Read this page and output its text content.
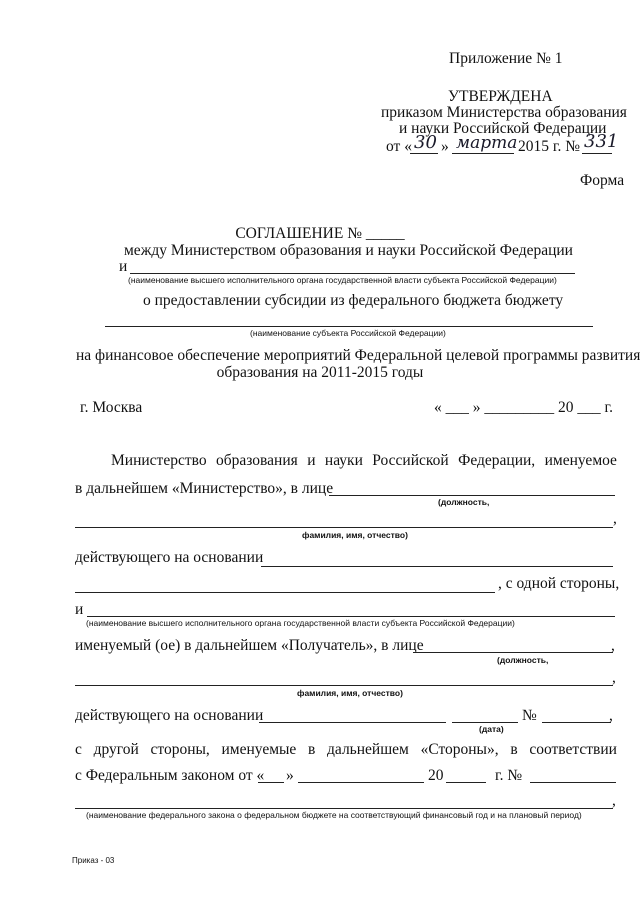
Приложение № 1
УТВЕРЖДЕНА
приказом Министерства образования
и науки Российской Федерации
от « 30 » марта 2015 г. № 331
Форма
СОГЛАШЕНИЕ № _____
между Министерством образования и науки Российской Федерации
и
(наименование высшего исполнительного органа государственной власти субъекта Российской Федерации)
о предоставлении субсидии из федерального бюджета бюджету
(наименование субъекта Российской Федерации)
на финансовое обеспечение мероприятий Федеральной целевой программы развития
образования на 2011-2015 годы
г. Москва	« ___ » _________ 20 ___ г.
Министерство образования и науки Российской Федерации, именуемое
в дальнейшем «Министерство», в лице
(должность,
,
фамилия, имя, отчество)
действующего на основании
, с одной стороны,
и
(наименование высшего исполнительного органа государственной власти субъекта Российской Федерации)
именуемый (ое) в дальнейшем «Получатель», в лице	,
(должность,
,
фамилия, имя, отчество)
действующего на основании	№	,
(дата)
с другой стороны, именуемые в дальнейшем «Стороны», в соответствии
с Федеральным законом от « »	20	г. №
,
(наименование федерального закона о федеральном бюджете на соответствующий финансовый год и на плановый период)
Приказ - 03
